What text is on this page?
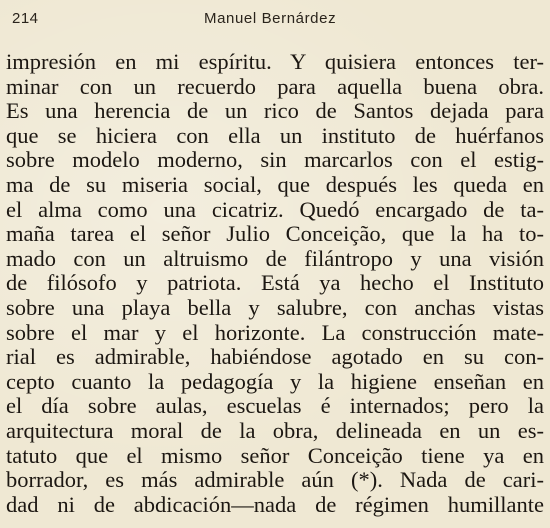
214	Manuel Bernárdez
impresión en mi espíritu. Y quisiera entonces ter-
minar con un recuerdo para aquella buena obra.
Es una herencia de un rico de Santos dejada para
que se hiciera con ella un instituto de huérfanos
sobre modelo moderno, sin marcarlos con el estig-
ma de su miseria social, que después les queda en
el alma como una cicatriz. Quedó encargado de ta-
maña tarea el señor Julio Conceição, que la ha to-
mado con un altruismo de filántropo y una visión
de filósofo y patriota. Está ya hecho el Instituto
sobre una playa bella y salubre, con anchas vistas
sobre el mar y el horizonte. La construcción mate-
rial es admirable, habiéndose agotado en su con-
cepto cuanto la pedagogía y la higiene enseñan en
el día sobre aulas, escuelas é internados; pero la
arquitectura moral de la obra, delineada en un es-
tatuto que el mismo señor Conceição tiene ya en
borrador, es más admirable aún (*). Nada de cari-
dad ni de abdicación—nada de régimen humillante
